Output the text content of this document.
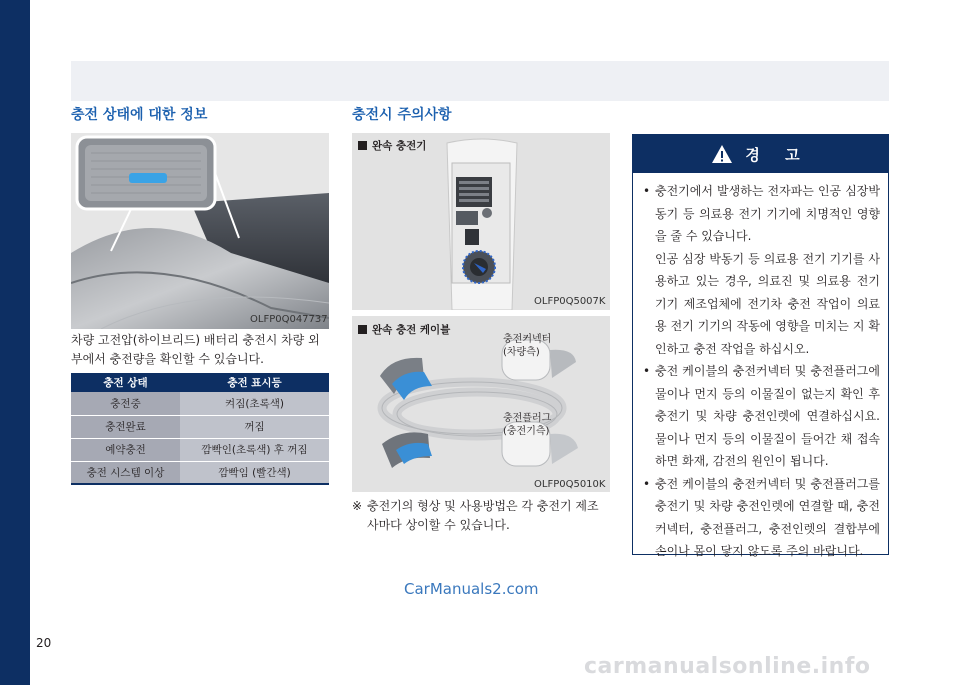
충전 상태에 대한 정보
OLFP0Q047737
차량 고전압(하이브리드) 배터리 충전시 차량 외부에서 충전량을 확인할 수 있습니다.
충전 상태	충전 표시등
충전중	켜짐(초록색)
충전완료	꺼짐
예약충전	깜빡인(초록색) 후 꺼짐
충전 시스템 이상	깜빡임 (빨간색)
충전시 주의사항
완속 충전기
OLFP0Q5007K
완속 충전 케이블
충전커넥터
(차량측)
충전플러그
(충전기측)
OLFP0Q5010K
※ 충전기의 형상 및 사용방법은 각 충전기 제조사마다 상이할 수 있습니다.
경 고
• 충전기에서 발생하는 전자파는 인공 심장박동기 등 의료용 전기 기기에 치명적인 영향을 줄 수 있습니다.
인공 심장 박동기 등 의료용 전기 기기를 사용하고 있는 경우, 의료진 및 의료용 전기 기기 제조업체에 전기차 충전 작업이 의료용 전기 기기의 작동에 영향을 미치는 지 확인하고 충전 작업을 하십시오.
• 충전 케이블의 충전커넥터 및 충전플러그에 물이나 먼지 등의 이물질이 없는지 확인 후 충전기 및 차량 충전인렛에 연결하십시요. 물이나 먼지 등의 이물질이 들어간 채 접속 하면 화재, 감전의 원인이 됩니다.
• 충전 케이블의 충전커넥터 및 충전플러그를 충전기 및 차량 충전인렛에 연결할 때, 충전커넥터, 충전플러그, 충전인렛의 결합부에 손이나 몸이 닿지 않도록 주의 바랍니다.
CarManuals2.com
carmanualsonline.info
20
